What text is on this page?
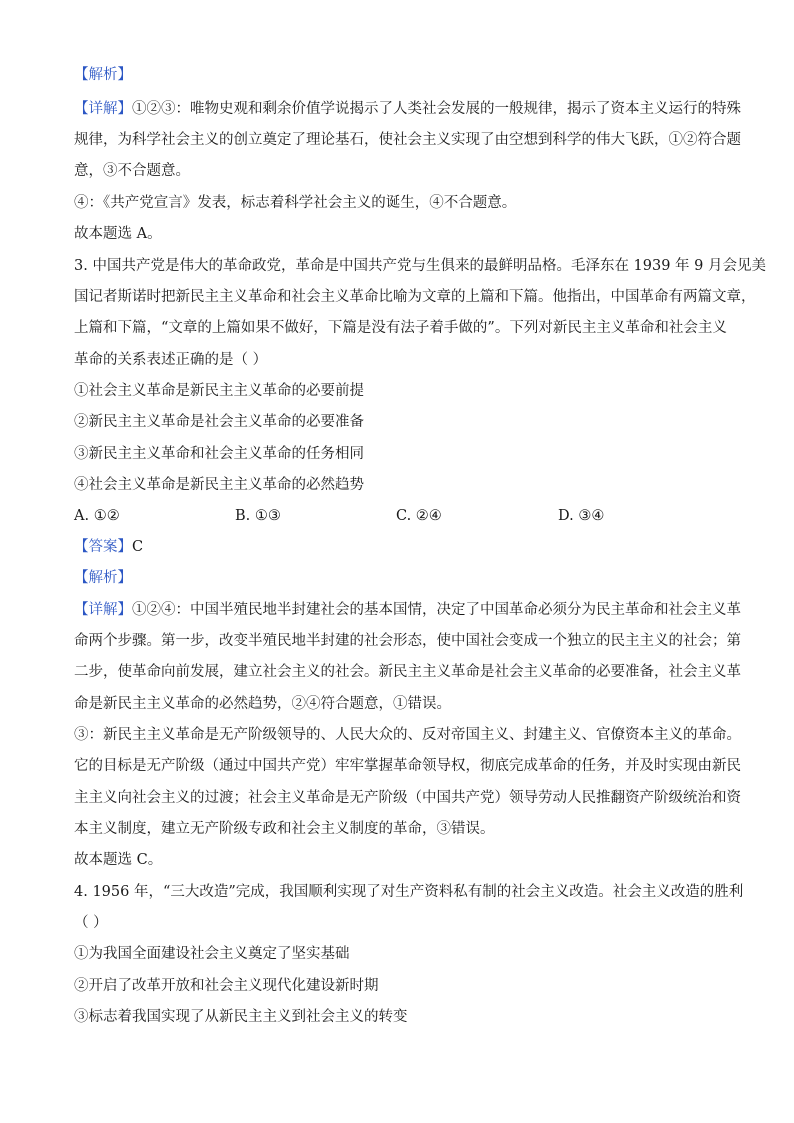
【解析】
【详解】①②③：唯物史观和剩余价值学说揭示了人类社会发展的一般规律，揭示了资本主义运行的特殊
规律，为科学社会主义的创立奠定了理论基石，使社会主义实现了由空想到科学的伟大飞跃，①②符合题
意，③不合题意。
④：《共产党宣言》发表，标志着科学社会主义的诞生，④不合题意。
故本题选 A。
3. 中国共产党是伟大的革命政党，革命是中国共产党与生俱来的最鲜明品格。毛泽东在 1939 年 9 月会见美
国记者斯诺时把新民主主义革命和社会主义革命比喻为文章的上篇和下篇。他指出，中国革命有两篇文章，
上篇和下篇，“文章的上篇如果不做好，下篇是没有法子着手做的”。下列对新民主主义革命和社会主义
革命的关系表述正确的是（ ）
①社会主义革命是新民主主义革命的必要前提
②新民主主义革命是社会主义革命的必要准备
③新民主主义革命和社会主义革命的任务相同
④社会主义革命是新民主主义革命的必然趋势
A. ①②	B. ①③	C. ②④	D. ③④
【答案】C
【解析】
【详解】①②④：中国半殖民地半封建社会的基本国情，决定了中国革命必须分为民主革命和社会主义革
命两个步骤。第一步，改变半殖民地半封建的社会形态，使中国社会变成一个独立的民主主义的社会；第
二步，使革命向前发展，建立社会主义的社会。新民主主义革命是社会主义革命的必要准备，社会主义革
命是新民主主义革命的必然趋势，②④符合题意，①错误。
③：新民主主义革命是无产阶级领导的、人民大众的、反对帝国主义、封建主义、官僚资本主义的革命。
它的目标是无产阶级（通过中国共产党）牢牢掌握革命领导权，彻底完成革命的任务，并及时实现由新民
主主义向社会主义的过渡；社会主义革命是无产阶级（中国共产党）领导劳动人民推翻资产阶级统治和资
本主义制度，建立无产阶级专政和社会主义制度的革命，③错误。
故本题选 C。
4. 1956 年，“三大改造”完成，我国顺利实现了对生产资料私有制的社会主义改造。社会主义改造的胜利
（ ）
①为我国全面建设社会主义奠定了坚实基础
②开启了改革开放和社会主义现代化建设新时期
③标志着我国实现了从新民主主义到社会主义的转变
